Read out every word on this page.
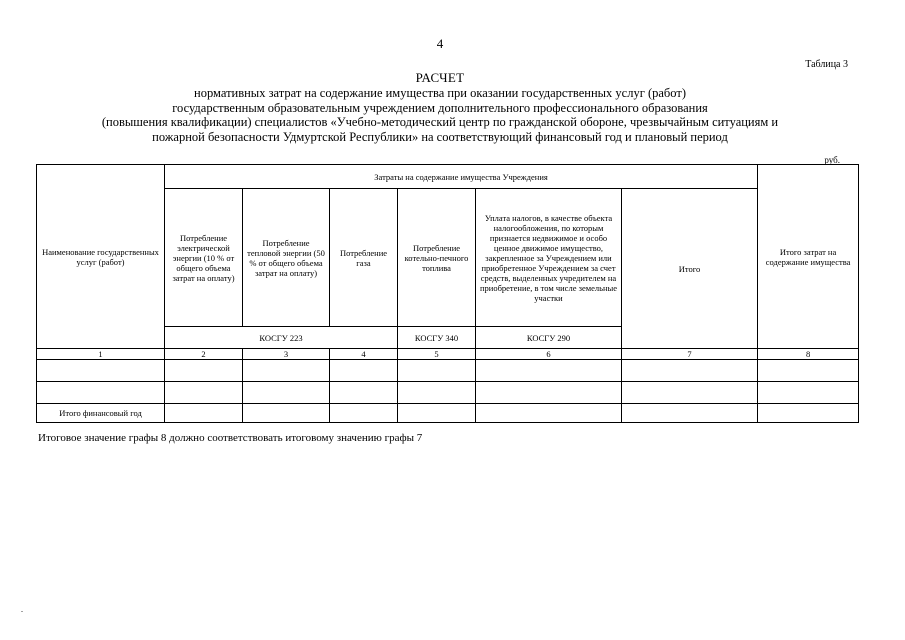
4
Таблица 3
РАСЧЕТ
нормативных затрат на содержание имущества при оказании государственных услуг (работ)
государственным образовательным учреждением дополнительного профессионального образования
(повышения квалификации) специалистов «Учебно-методический центр по гражданской обороне, чрезвычайным ситуациям и
пожарной безопасности Удмуртской Республики» на соответствующий финансовый год и плановый период
руб.
Наименование государственных услуг (работ)	Затраты на содержание имущества Учреждения						Итого затрат на содержание имущества
	Потребление электрической энергии (10 % от общего объема затрат на оплату)	Потребление тепловой энергии (50 % от общего объема затрат на оплату)	Потребление газа	Потребление котельно-печного топлива	Уплата налогов, в качестве объекта налогообложения, по которым признается недвижимое и особо ценное движимое имущество, закрепленное за Учреждением или приобретенное Учреждением за счет средств, выделенных учредителем на приобретение, в том числе земельные участки	Итого	
	КОСГУ 223			КОСГУ 340	КОСГУ 290		
1	2	3	4	5	6	7	8

Итого финансовый год							
Итоговое значение графы 8 должно соответствовать итоговому значению графы 7
.
